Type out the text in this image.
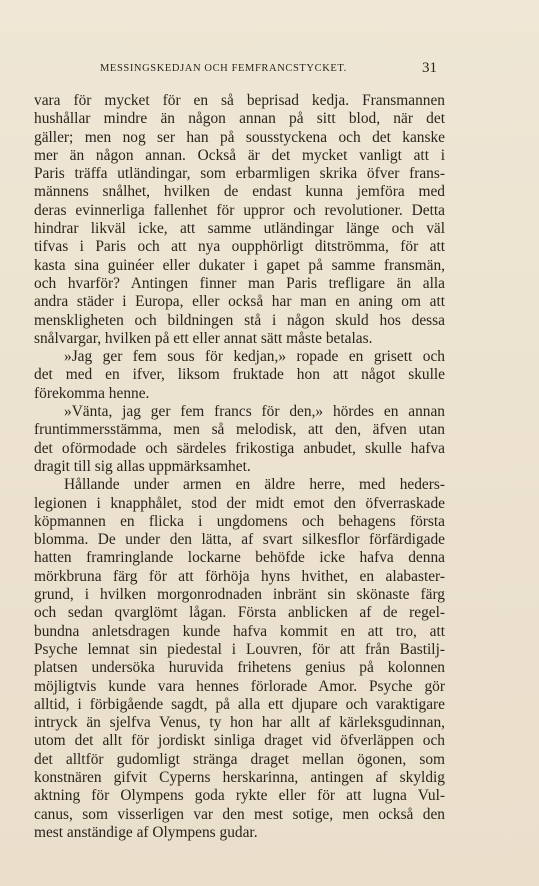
MESSINGSKEDJAN OCH FEMFRANCSTYCKET.	31
vara för mycket för en så beprisad kedja. Fransmannen
hushållar mindre än någon annan på sitt blod, när det
gäller; men nog ser han på sousstyckena och det kanske
mer än någon annan. Också är det mycket vanligt att i
Paris träffa utländingar, som erbarmligen skrika öfver frans-
männens snålhet, hvilken de endast kunna jemföra med
deras evinnerliga fallenhet för uppror och revolutioner. Detta
hindrar likväl icke, att samme utländingar länge och väl
tifvas i Paris och att nya oupphörligt ditströmma, för att
kasta sina guinéer eller dukater i gapet på samme fransmän,
och hvarför? Antingen finner man Paris trefligare än alla
andra städer i Europa, eller också har man en aning om att
menskligheten och bildningen stå i någon skuld hos dessa
snålvargar, hvilken på ett eller annat sätt måste betalas.
»Jag ger fem sous för kedjan,» ropade en grisett och
det med en ifver, liksom fruktade hon att något skulle
förekomma henne.
»Vänta, jag ger fem francs för den,» hördes en annan
fruntimmersstämma, men så melodisk, att den, äfven utan
det oförmodade och särdeles frikostiga anbudet, skulle hafva
dragit till sig allas uppmärksamhet.
Hållande under armen en äldre herre, med heders-
legionen i knapphålet, stod der midt emot den öfverraskade
köpmannen en flicka i ungdomens och behagens första
blomma. De under den lätta, af svart silkesflor förfärdigade
hatten framringlande lockarne behöfde icke hafva denna
mörkbruna färg för att förhöja hyns hvithet, en alabaster-
grund, i hvilken morgonrodnaden inbränt sin skönaste färg
och sedan qvarglömt lågan. Första anblicken af de regel-
bundna anletsdragen kunde hafva kommit en att tro, att
Psyche lemnat sin piedestal i Louvren, för att från Bastilj-
platsen undersöka huruvida frihetens genius på kolonnen
möjligtvis kunde vara hennes förlorade Amor. Psyche gör
alltid, i förbigående sagdt, på alla ett djupare och varaktigare
intryck än sjelfva Venus, ty hon har allt af kärleksgudinnan,
utom det allt för jordiskt sinliga draget vid öfverläppen och
det alltför gudomligt stränga draget mellan ögonen, som
konstnären gifvit Cyperns herskarinna, antingen af skyldig
aktning för Olympens goda rykte eller för att lugna Vul-
canus, som visserligen var den mest sotige, men också den
mest anständige af Olympens gudar.
